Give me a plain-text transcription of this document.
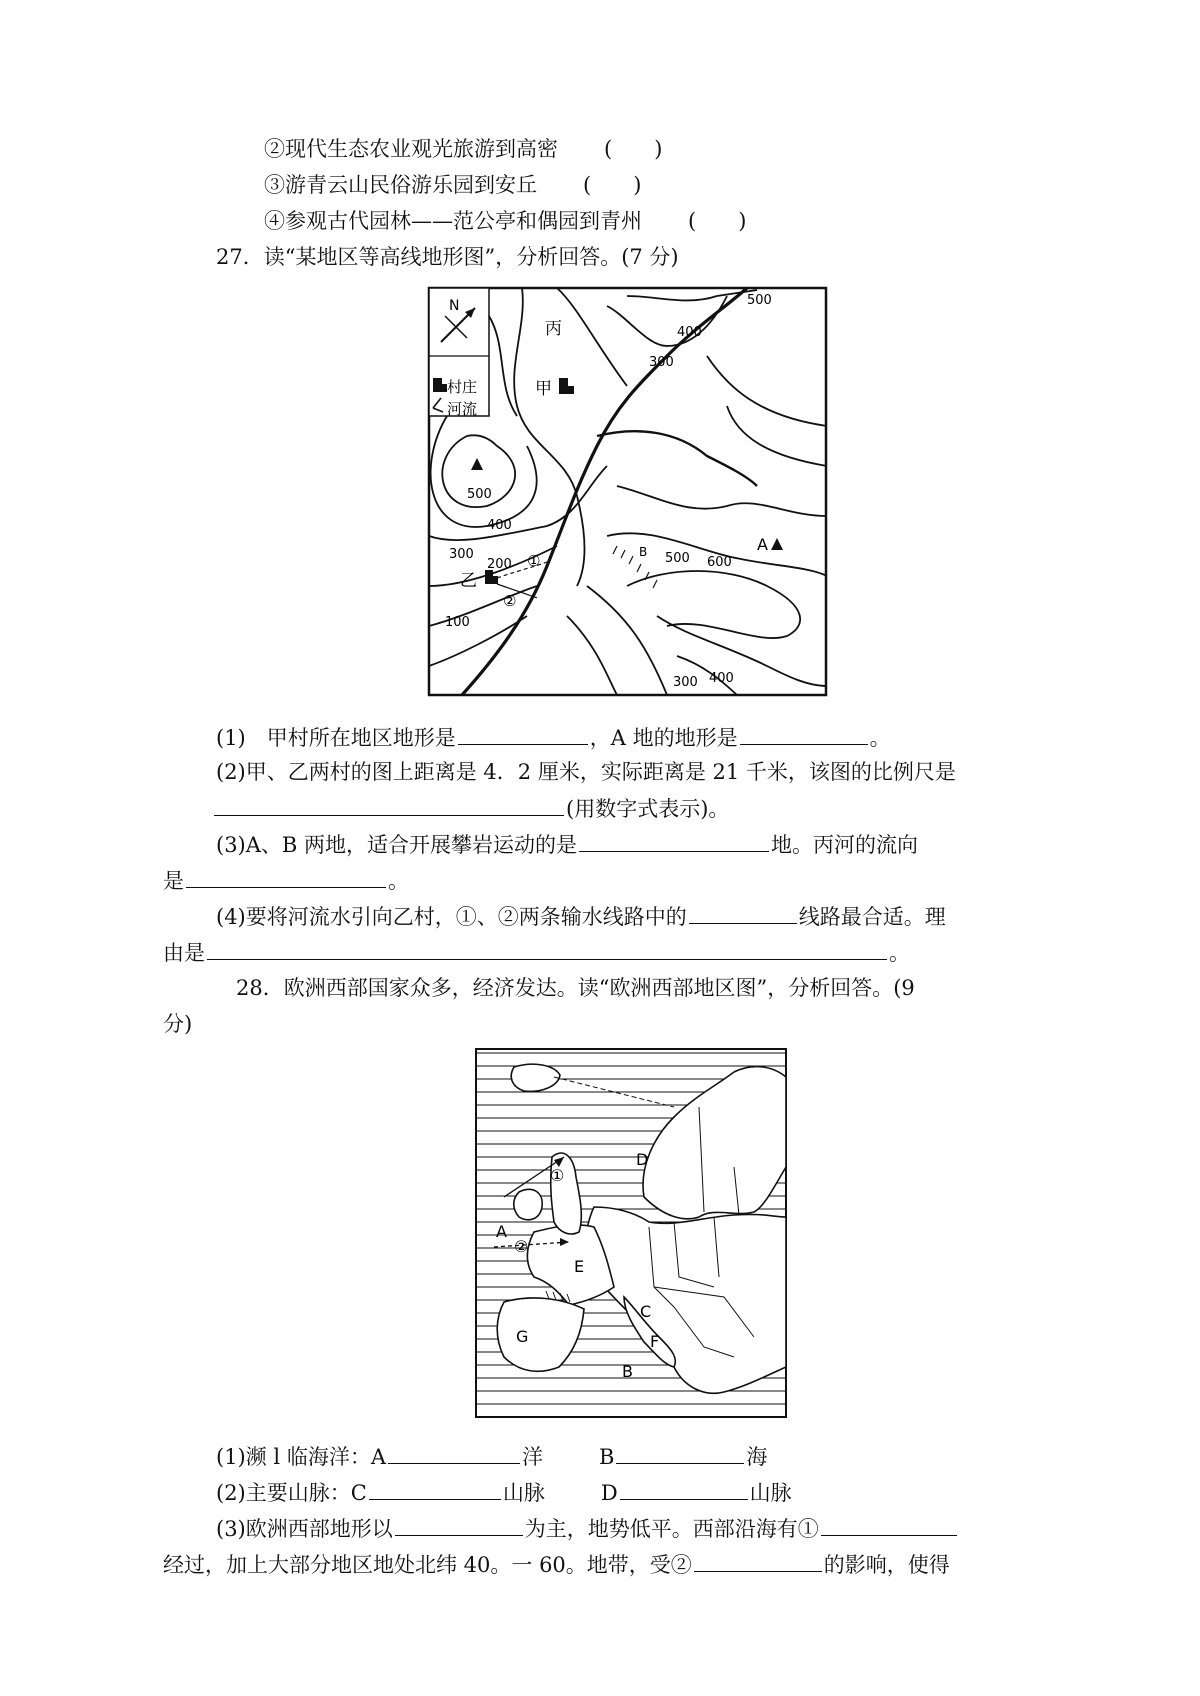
②现代生态农业观光旅游到高密 (　　)
③游青云山民俗游乐园到安丘 (　　)
④参观古代园林——范公亭和偶园到青州 (　　)
27．读“某地区等高线地形图”，分析回答。(7 分)
N
村庄
河流
丙
甲
乙
A
B
①
②
500
400
300
500
400
300
200
100
500 600
300 400
(1)　甲村所在地区地形是	，A 地的地形是	。
(2)甲、乙两村的图上距离是 4．2 厘米，实际距离是 21 千米，该图的比例尺是
(用数字式表示)。
(3)A、B 两地，适合开展攀岩运动的是	地。丙河的流向
是	。
(4)要将河流水引向乙村，①、②两条输水线路中的	线路最合适。理
由是	。
28．欧洲西部国家众多，经济发达。读“欧洲西部地区图”，分析回答。(9
分)
①
A
②
B
C
D
E
F
G
(1)濒 l 临海洋：A	洋	B	海
(2)主要山脉：C	山脉	D	山脉
(3)欧洲西部地形以	为主，地势低平。西部沿海有①
经过，加上大部分地区地处北纬 40。一 60。地带，受②	的影响，使得
